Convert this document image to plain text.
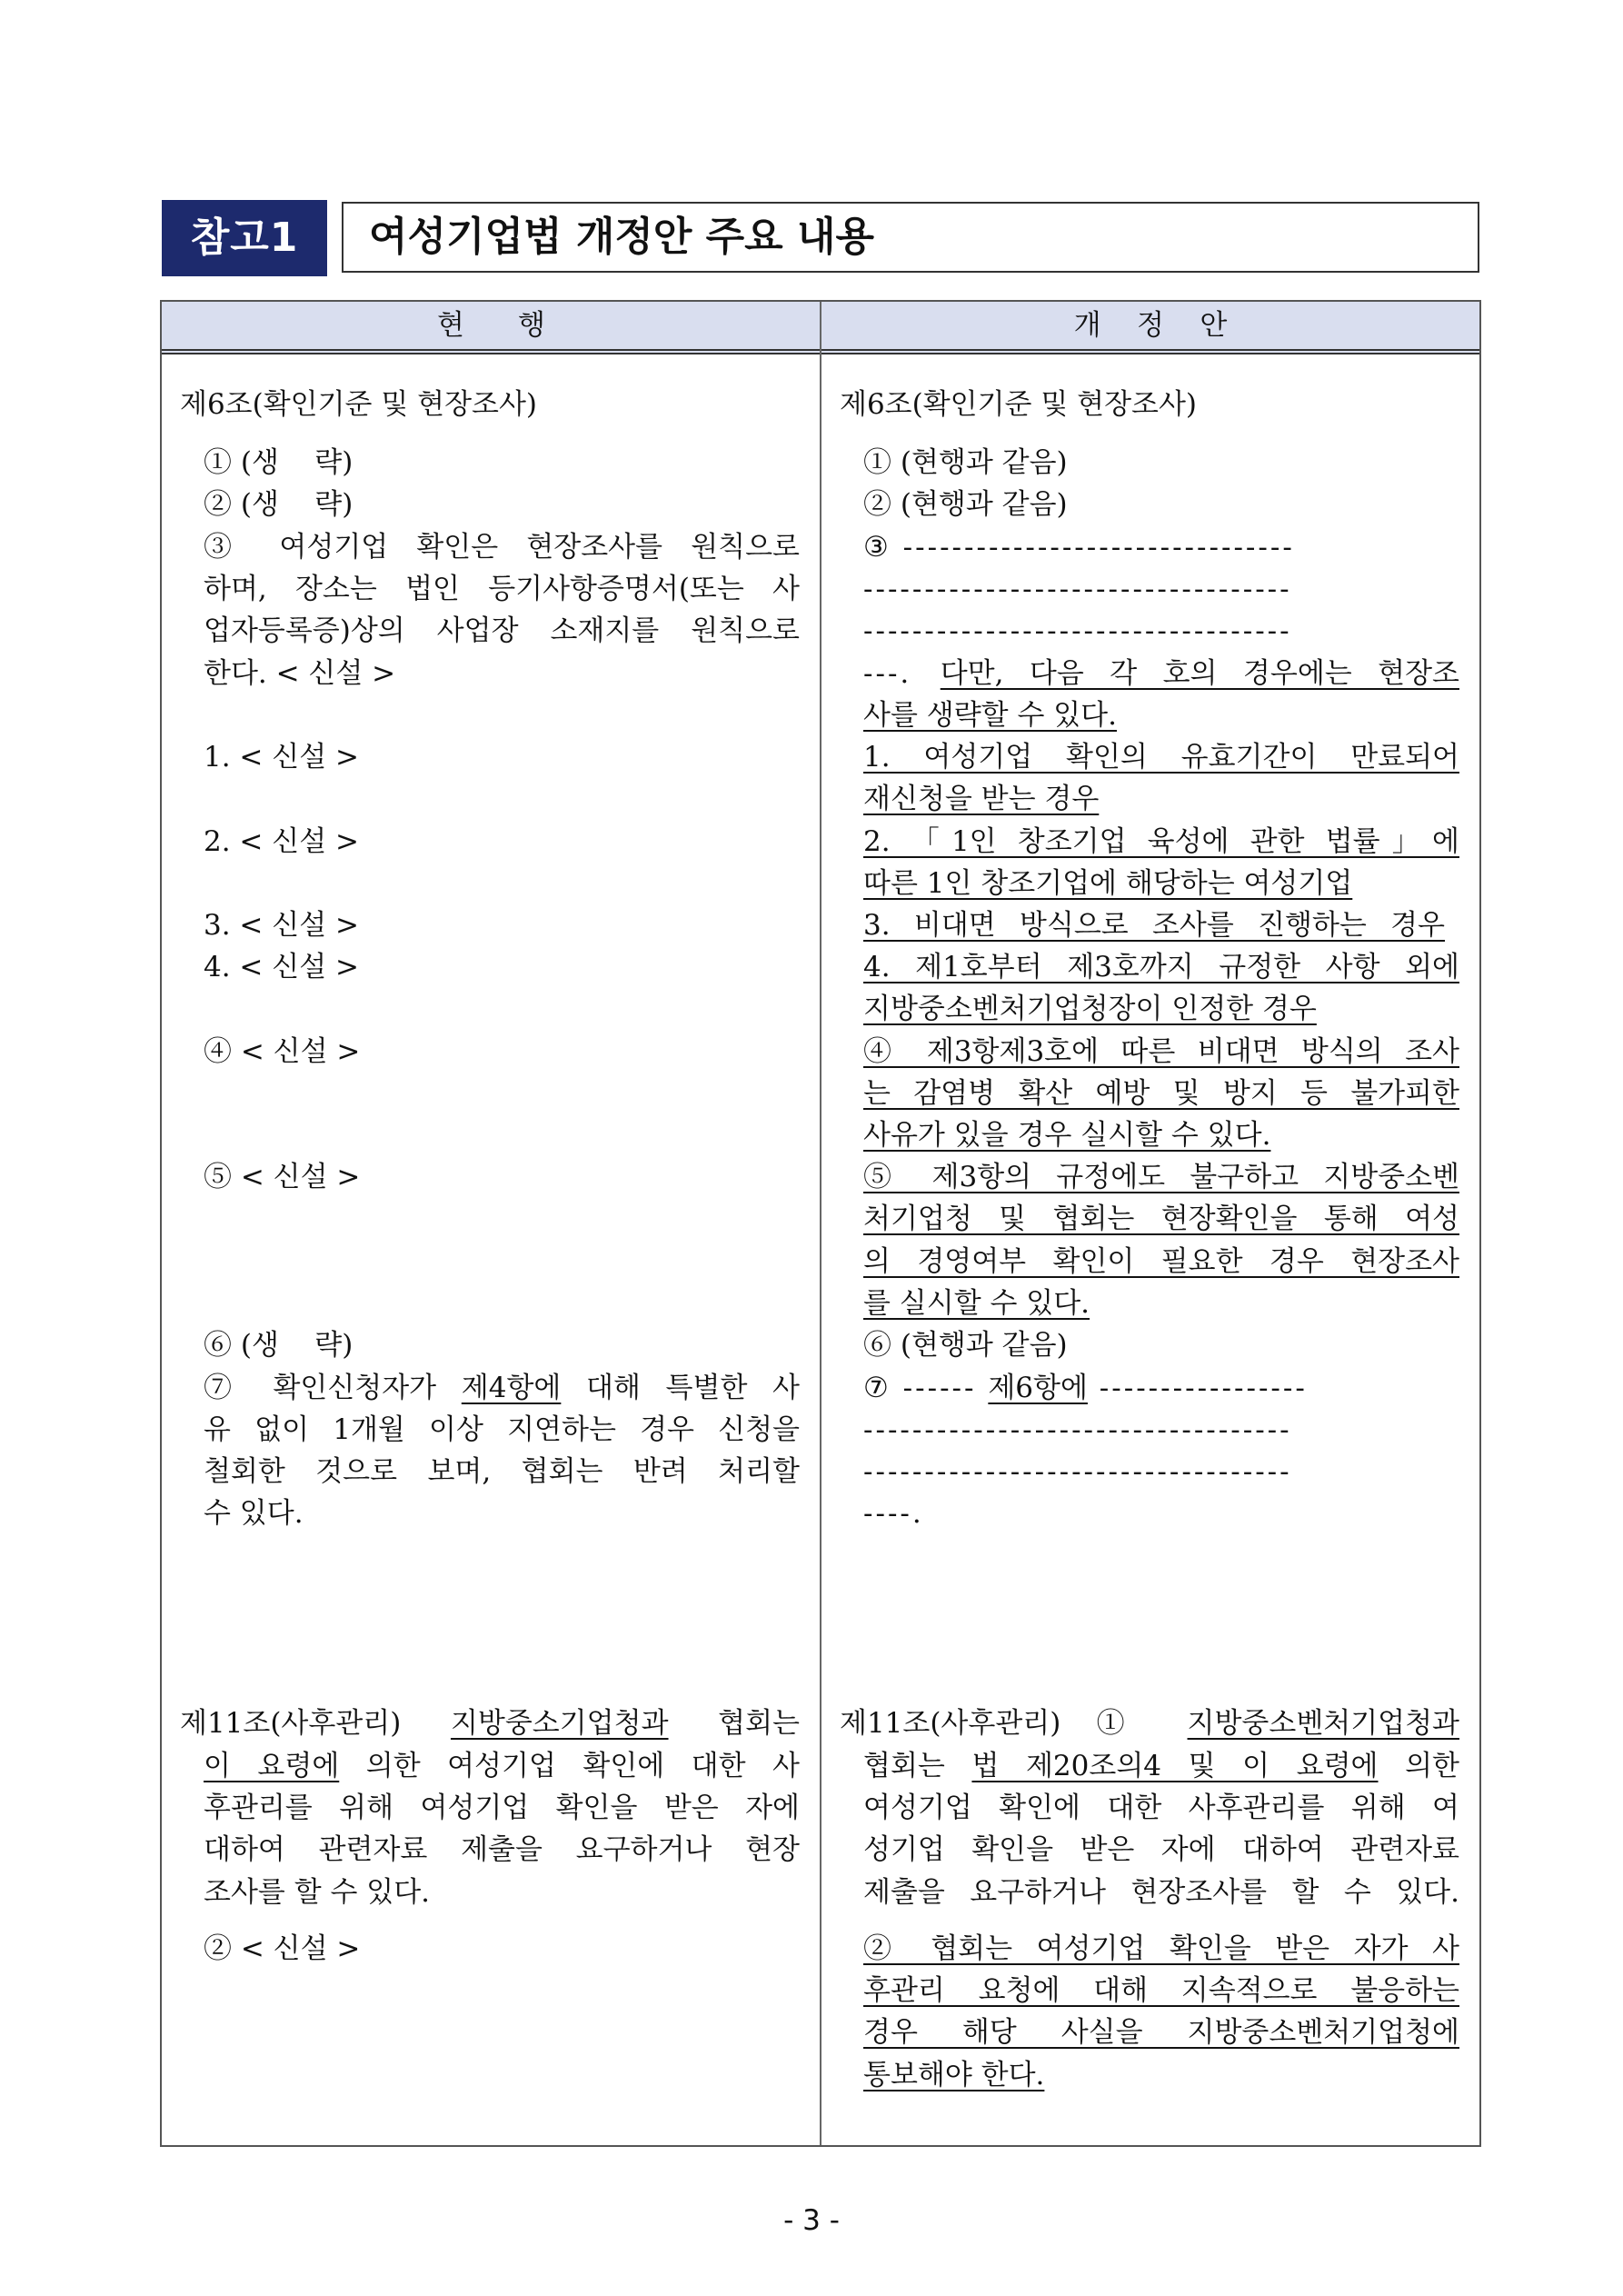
참고1	여성기업법 개정안 주요 내용
현      행	개    정    안
제6조(확인기준 및 현장조사)
① (생    략)
② (생    략)
③ 여성기업 확인은 현장조사를 원칙으로
하며, 장소는 법인 등기사항증명서(또는 사
업자등록증)상의 사업장 소재지를 원칙으로
한다. < 신설 >
1. < 신설 >
2. < 신설 >
3. < 신설 >
4. < 신설 >
④ < 신설 >
⑤ < 신설 >
⑥ (생    략)
⑦ 확인신청자가 제4항에 대해 특별한 사
유 없이 1개월 이상 지연하는 경우 신청을
철회한 것으로 보며, 협회는 반려 처리할
수 있다.
제11조(사후관리) 지방중소기업청과 협회는
이 요령에 의한 여성기업 확인에 대한 사
후관리를 위해 여성기업 확인을 받은 자에
대하여 관련자료 제출을 요구하거나 현장
조사를 할 수 있다.
② < 신설 >
제6조(확인기준 및 현장조사)
① (현행과 같음)
② (현행과 같음)
③ --------------------------------
-----------------------------------
-----------------------------------
---. 다만, 다음 각 호의 경우에는 현장조
사를 생략할 수 있다.
1. 여성기업 확인의 유효기간이 만료되어
재신청을 받는 경우
2. 「1인 창조기업 육성에 관한 법률」에
따른 1인 창조기업에 해당하는 여성기업
3. 비대면 방식으로 조사를 진행하는 경우
4. 제1호부터 제3호까지 규정한 사항 외에
지방중소벤처기업청장이 인정한 경우
④ 제3항제3호에 따른 비대면 방식의 조사
는 감염병 확산 예방 및 방지 등 불가피한
사유가 있을 경우 실시할 수 있다.
⑤ 제3항의 규정에도 불구하고 지방중소벤
처기업청 및 협회는 현장확인을 통해 여성
의 경영여부 확인이 필요한 경우 현장조사
를 실시할 수 있다.
⑥ (현행과 같음)
⑦ ------ 제6항에 -----------------
-----------------------------------
-----------------------------------
----.
제11조(사후관리) ① 지방중소벤처기업청과
협회는 법 제20조의4 및 이 요령에 의한
여성기업 확인에 대한 사후관리를 위해 여
성기업 확인을 받은 자에 대하여 관련자료
제출을 요구하거나 현장조사를 할 수 있다.
② 협회는 여성기업 확인을 받은 자가 사
후관리 요청에 대해 지속적으로 불응하는
경우 해당 사실을 지방중소벤처기업청에
통보해야 한다.
- 3 -
